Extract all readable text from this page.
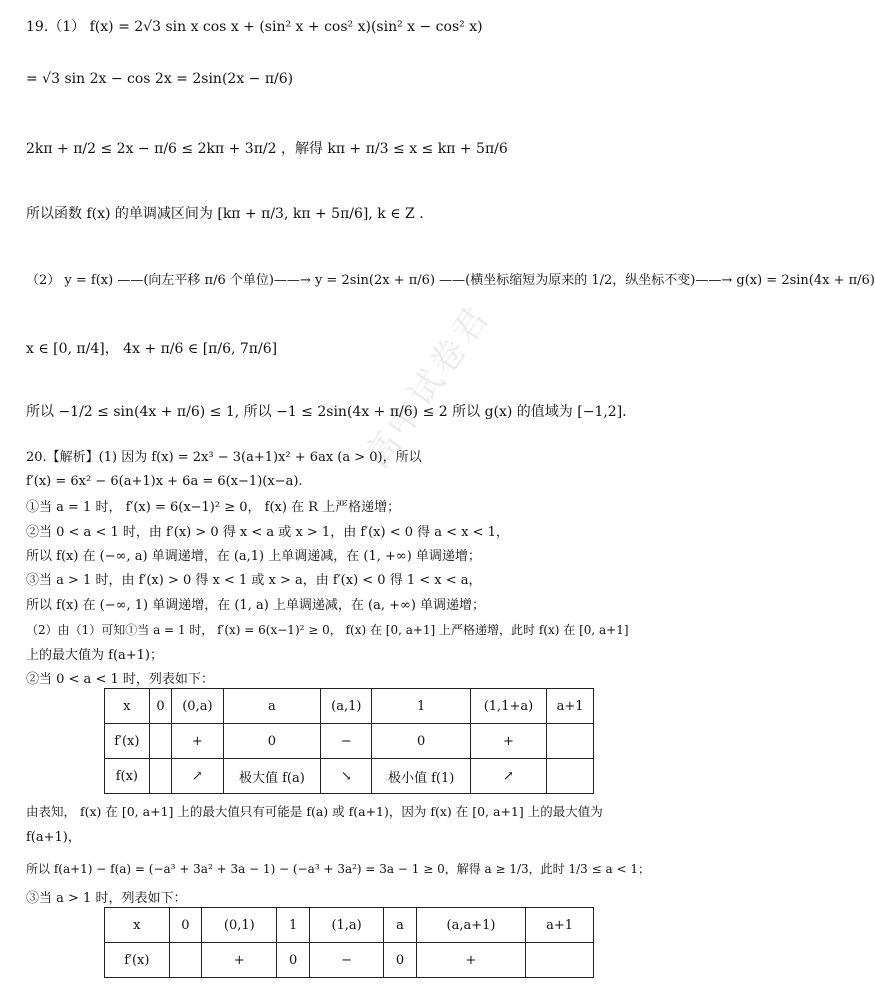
高中试卷君
19.（1） f(x) = 2√3 sin x cos x + (sin² x + cos² x)(sin² x − cos² x)
= √3 sin 2x − cos 2x = 2sin(2x − π/6)
2kπ + π/2 ≤ 2x − π/6 ≤ 2kπ + 3π/2 ，解得 kπ + π/3 ≤ x ≤ kπ + 5π/6
所以函数 f(x) 的单调减区间为 [kπ + π/3, kπ + 5π/6], k ∈ Z .
（2） y = f(x) ——(向左平移 π/6 个单位)——→ y = 2sin(2x + π/6) ——(横坐标缩短为原来的 1/2，纵坐标不变)——→ g(x) = 2sin(4x + π/6)
x ∈ [0, π/4]， 4x + π/6 ∈ [π/6, 7π/6]
所以 −1/2 ≤ sin(4x + π/6) ≤ 1, 所以 −1 ≤ 2sin(4x + π/6) ≤ 2 所以 g(x) 的值域为 [−1,2].
20.【解析】(1) 因为 f(x) = 2x³ − 3(a+1)x² + 6ax (a > 0)，所以
f′(x) = 6x² − 6(a+1)x + 6a = 6(x−1)(x−a).
①当 a = 1 时， f′(x) = 6(x−1)² ≥ 0， f(x) 在 R 上严格递增；
②当 0 < a < 1 时，由 f′(x) > 0 得 x < a 或 x > 1，由 f′(x) < 0 得 a < x < 1，
所以 f(x) 在 (−∞, a) 单调递增，在 (a,1) 上单调递减，在 (1, +∞) 单调递增；
③当 a > 1 时，由 f′(x) > 0 得 x < 1 或 x > a，由 f′(x) < 0 得 1 < x < a，
所以 f(x) 在 (−∞, 1) 单调递增，在 (1, a) 上单调递减，在 (a, +∞) 单调递增；
（2）由（1）可知①当 a = 1 时， f′(x) = 6(x−1)² ≥ 0， f(x) 在 [0, a+1] 上严格递增，此时 f(x) 在 [0, a+1]
上的最大值为 f(a+1)；
②当 0 < a < 1 时，列表如下：
x	0	(0,a)	a	(a,1)	1	(1,1+a)	a+1
f′(x)		+	0	−	0	+	
f(x)		↗	极大值 f(a)	↘	极小值 f(1)	↗	
由表知， f(x) 在 [0, a+1] 上的最大值只有可能是 f(a) 或 f(a+1)，因为 f(x) 在 [0, a+1] 上的最大值为
f(a+1)，
所以 f(a+1) − f(a) = (−a³ + 3a² + 3a − 1) − (−a³ + 3a²) = 3a − 1 ≥ 0，解得 a ≥ 1/3，此时 1/3 ≤ a < 1；
③当 a > 1 时，列表如下：
x	0	(0,1)	1	(1,a)	a	(a,a+1)	a+1
f′(x)		+	0	−	0	+	
